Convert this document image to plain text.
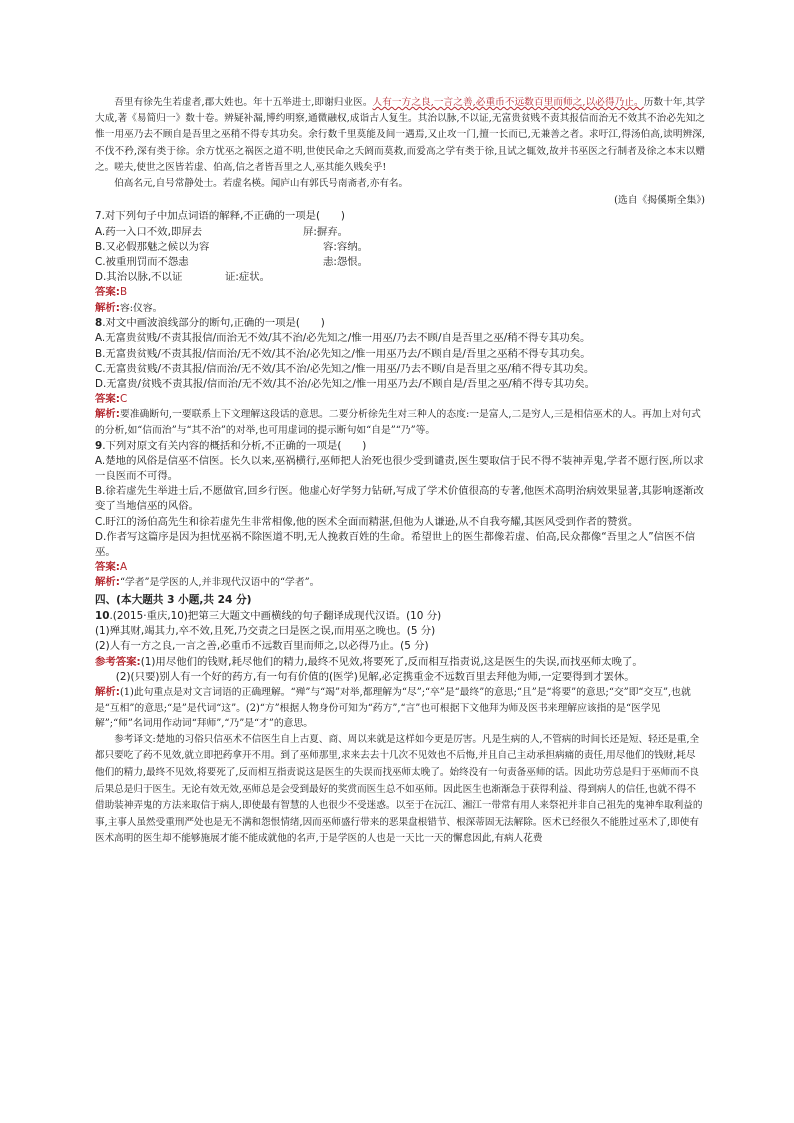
吾里有徐先生若虚者,郡大姓也。年十五举进士,即谢归业医。人有一方之良,一言之善,必重币不远数百里而师之,以必得乃止。历数十年,其学大成,著《易简归一》数十卷。辨疑补漏,博约明察,通微融权,成诣古人复生。其治以脉,不以证,无富贵贫贱不责其报信而治无不效其不治必先知之惟一用巫乃去不顾自是吾里之巫稍不得专其功矣。余行数千里莫能及间一遇焉,又止攻一门,擅一长而已,无兼善之者。求吁江,得汤伯高,读明辨深,不伐不矜,深有类于徐。余方忧巫之祸医之道不明,世使民命之夭阏而莫救,而爱高之学有类于徐,且试之辄效,故并书巫医之行制者及徐之本末以赠之。嗟夫,使世之医皆若虚、伯高,信之者皆吾里之人,巫其能久贱矣乎!

伯高名元,自号常静处士。若虚名楧。闻庐山有郭氏号南斋者,亦有名。

(选自《揭傒斯全集》)

7.对下列句子中加点词语的解释,不正确的一项是(　　)

A.药一入口不效,即屏去	屏:摒弃。

B.又必假那魅之候以为容	容:容纳。

C.被重刑罚而不怨恚	恚:怨恨。

D.其治以脉,不以证	证:症状。

答案:B

解析:容:仪容。

8.对文中画波浪线部分的断句,正确的一项是(　　)

A.无富贵贫贱/不责其报信/而治无不效/其不治/必先知之/惟一用巫/乃去不顾/自是吾里之巫/稍不得专其功矣。

B.无富贵贫贱/不责其报/信而治/无不效/其不治/必先知之/惟一用巫乃去/不顾自是/吾里之巫稍不得专其功矣。

C.无富贵贫贱/不责其报/信而治/无不效/其不治/必先知之/惟一用巫/乃去不顾/自是吾里之巫/稍不得专其功矣。

D.无富贵/贫贱不责其报/信而治/无不效/其不治/必先知之/惟一用巫乃去/不顾自是/吾里之巫/稍不得专其功矣。

答案:C

解析:要准确断句,一要联系上下文理解这段话的意思。二要分析徐先生对三种人的态度:一是富人,二是穷人,三是相信巫术的人。再加上对句式的分析,如“信而治”与“其不治”的对举,也可用虚词的提示断句如“自是”“乃”等。

9.下列对原文有关内容的概括和分析,不正确的一项是(　　)

A.楚地的风俗是信巫不信医。长久以来,巫祸横行,巫师把人治死也很少受到谴责,医生要取信于民不得不装神弄鬼,学者不愿行医,所以求一良医而不可得。

B.徐若虚先生举进士后,不愿做官,回乡行医。他虚心好学努力钻研,写成了学术价值很高的专著,他医术高明治病效果显著,其影响逐渐改变了当地信巫的风俗。

C.盱江的汤伯高先生和徐若虚先生非常相像,他的医术全面而精湛,但他为人谦逊,从不自我夸耀,其医风受到作者的赞赏。

D.作者写这篇序是因为担忧巫祸不除医道不明,无人挽救百姓的生命。希望世上的医生都像若虚、伯高,民众都像“吾里之人”信医不信巫。

答案:A

解析:“学者”是学医的人,并非现代汉语中的“学者”。

四、(本大题共 3 小题,共 24 分)

10.(2015·重庆,10)把第三大题文中画横线的句子翻译成现代汉语。(10 分)

(1)殚其财,竭其力,卒不效,且死,乃交责之曰是医之误,而用巫之晚也。(5 分)

(2)人有一方之良,一言之善,必重币不远数百里而师之,以必得乃止。(5 分)

参考答案:(1)用尽他们的钱财,耗尽他们的精力,最终不见效,将要死了,反而相互指责说,这是医生的失误,而找巫师太晚了。

(2)(只要)别人有一个好的药方,有一句有价值的(医学)见解,必定携重金不远数百里去拜他为师,一定要得到才罢休。

解析:(1)此句重点是对文言词语的正确理解。“殚”与“竭”对举,都理解为“尽”;“卒”是“最终”的意思;“且”是“将要”的意思;“交”即“交互”,也就是“互相”的意思;“是”是代词“这”。(2)“方”根据人物身份可知为“药方”,“言”也可根据下文他拜为师及医书来理解应该指的是“医学见解”;“师”名词用作动词“拜师”,“乃”是“才”的意思。

参考译文:楚地的习俗只信巫术不信医生自上古夏、商、周以来就是这样如今更是厉害。凡是生病的人,不管病的时间长还是短、轻还是重,全都只要吃了药不见效,就立即把药拿开不用。到了巫师那里,求来去去十几次不见效也不后悔,并且自己主动承担病痛的责任,用尽他们的钱财,耗尽他们的精力,最终不见效,将要死了,反而相互指责说这是医生的失误而找巫师太晚了。始终没有一句责备巫师的话。因此功劳总是归于巫师而不良后果总是归于医生。无论有效无效,巫师总是会受到最好的奖赏而医生总不如巫师。因此医生也渐渐急于获得利益、得到病人的信任,也就不得不借助装神弄鬼的方法来取信于病人,即使最有智慧的人也很少不受迷惑。以至于在沅江、湘江一带常有用人来祭祀并非自己祖先的鬼神牟取利益的事,主事人虽然受重刑严处也是无不满和怨恨情绪,因而巫师盛行带来的恶果盘根错节、根深蒂固无法解除。医术已经很久不能胜过巫术了,即使有医术高明的医生却不能够施展才能不能成就他的名声,于是学医的人也是一天比一天的懈怠因此,有病人花费
